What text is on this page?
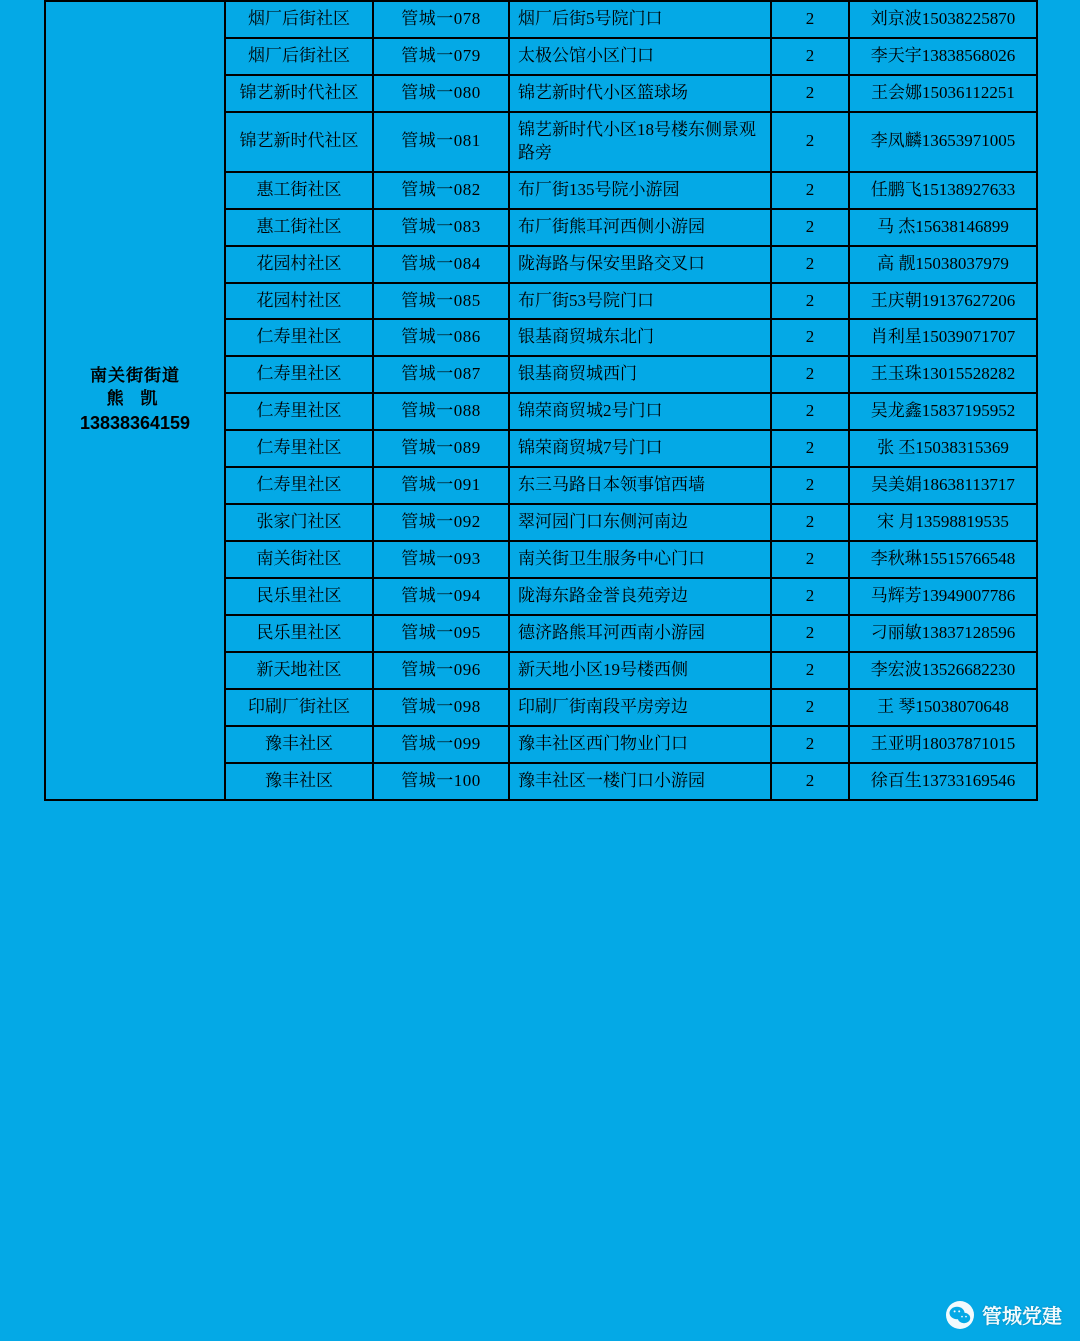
南关街街道
熊 凯
13838364159	烟厂后街社区	管城一078	烟厂后街5号院门口	2	刘京波15038225870
	烟厂后街社区	管城一079	太极公馆小区门口	2	李天宇13838568026
	锦艺新时代社区	管城一080	锦艺新时代小区篮球场	2	王会娜15036112251
	锦艺新时代社区	管城一081	锦艺新时代小区18号楼东侧景观路旁	2	李凤麟13653971005
	惠工街社区	管城一082	布厂街135号院小游园	2	任鹏飞15138927633
	惠工街社区	管城一083	布厂街熊耳河西侧小游园	2	马 杰15638146899
	花园村社区	管城一084	陇海路与保安里路交叉口	2	高 靓15038037979
	花园村社区	管城一085	布厂街53号院门口	2	王庆朝19137627206
	仁寿里社区	管城一086	银基商贸城东北门	2	肖利星15039071707
	仁寿里社区	管城一087	银基商贸城西门	2	王玉珠13015528282
	仁寿里社区	管城一088	锦荣商贸城2号门口	2	吴龙鑫15837195952
	仁寿里社区	管城一089	锦荣商贸城7号门口	2	张 丕15038315369
	仁寿里社区	管城一091	东三马路日本领事馆西墙	2	吴美娟18638113717
	张家门社区	管城一092	翠河园门口东侧河南边	2	宋 月13598819535
	南关街社区	管城一093	南关街卫生服务中心门口	2	李秋琳15515766548
	民乐里社区	管城一094	陇海东路金誉良苑旁边	2	马辉芳13949007786
	民乐里社区	管城一095	德济路熊耳河西南小游园	2	刁丽敏13837128596
	新天地社区	管城一096	新天地小区19号楼西侧	2	李宏波13526682230
	印刷厂街社区	管城一098	印刷厂街南段平房旁边	2	王 琴15038070648
	豫丰社区	管城一099	豫丰社区西门物业门口	2	王亚明18037871015
	豫丰社区	管城一100	豫丰社区一楼门口小游园	2	徐百生13733169546
管城党建
